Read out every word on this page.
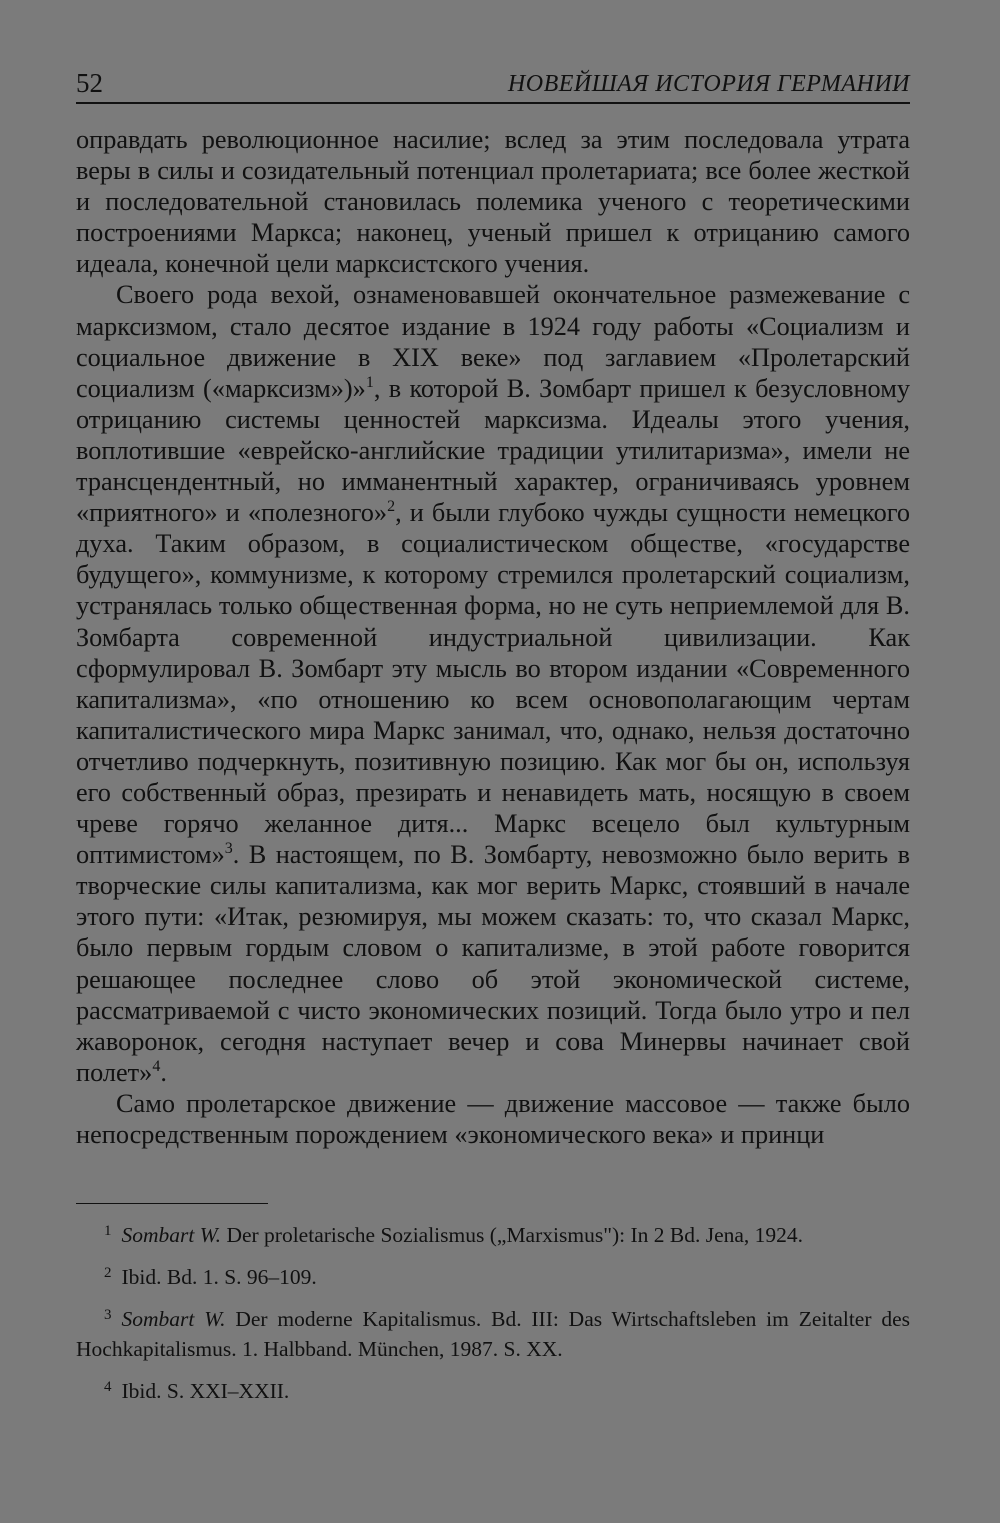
52	НОВЕЙШАЯ ИСТОРИЯ ГЕРМАНИИ

оправдать революционное насилие; вслед за этим последовала утрата веры в силы и созидательный потенциал пролетариата; все более жесткой и последовательной становилась полемика ученого с теоретическими построениями Маркса; наконец, ученый пришел к отрицанию самого идеала, конечной цели марксистского учения.

Своего рода вехой, ознаменовавшей окончательное размежевание с марксизмом, стало десятое издание в 1924 году работы «Социализм и социальное движение в XIX веке» под заглавием «Пролетарский социализм («марксизм»)»$^1$, в которой В. Зомбарт пришел к безусловному отрицанию системы ценностей марксизма. Идеалы этого учения, воплотившие «еврейско-английские традиции утилитаризма», имели не трансцендентный, но имманентный характер, ограничиваясь уровнем «приятного» и «полезного»$^2$, и были глубоко чужды сущности немецкого духа. Таким образом, в социалистическом обществе, «государстве будущего», коммунизме, к которому стремился пролетарский социализм, устранялась только общественная форма, но не суть неприемлемой для В. Зомбарта современной индустриальной цивилизации. Как сформулировал В. Зомбарт эту мысль во втором издании «Современного капитализма», «по отношению ко всем основополагающим чертам капиталистического мира Маркс занимал, что, однако, нельзя достаточно отчетливо подчеркнуть, позитивную позицию. Как мог бы он, используя его собственный образ, презирать и ненавидеть мать, носящую в своем чреве горячо желанное дитя... Маркс всецело был культурным оптимистом»$^3$. В настоящем, по В. Зомбарту, невозможно было верить в творческие силы капитализма, как мог верить Маркс, стоявший в начале этого пути: «Итак, резюмируя, мы можем сказать: то, что сказал Маркс, было первым гордым словом о капитализме, в этой работе говорится решающее последнее слово об этой экономической системе, рассматриваемой с чисто экономических позиций. Тогда было утро и пел жаворонок, сегодня наступает вечер и сова Минервы начинает свой полет»$^4$.

Само пролетарское движение — движение массовое — также было непосредственным порождением «экономического века» и принци

$^1$ Sombart W. Der proletarische Sozialismus („Marxismus"): In 2 Bd. Jena, 1924.

$^2$ Ibid. Bd. 1. S. 96–109.

$^3$ Sombart W. Der moderne Kapitalismus. Bd. III: Das Wirtschaftsleben im Zeitalter des Hochkapitalismus. 1. Halbband. München, 1987. S. XX.

$^4$ Ibid. S. XXI–XXII.
